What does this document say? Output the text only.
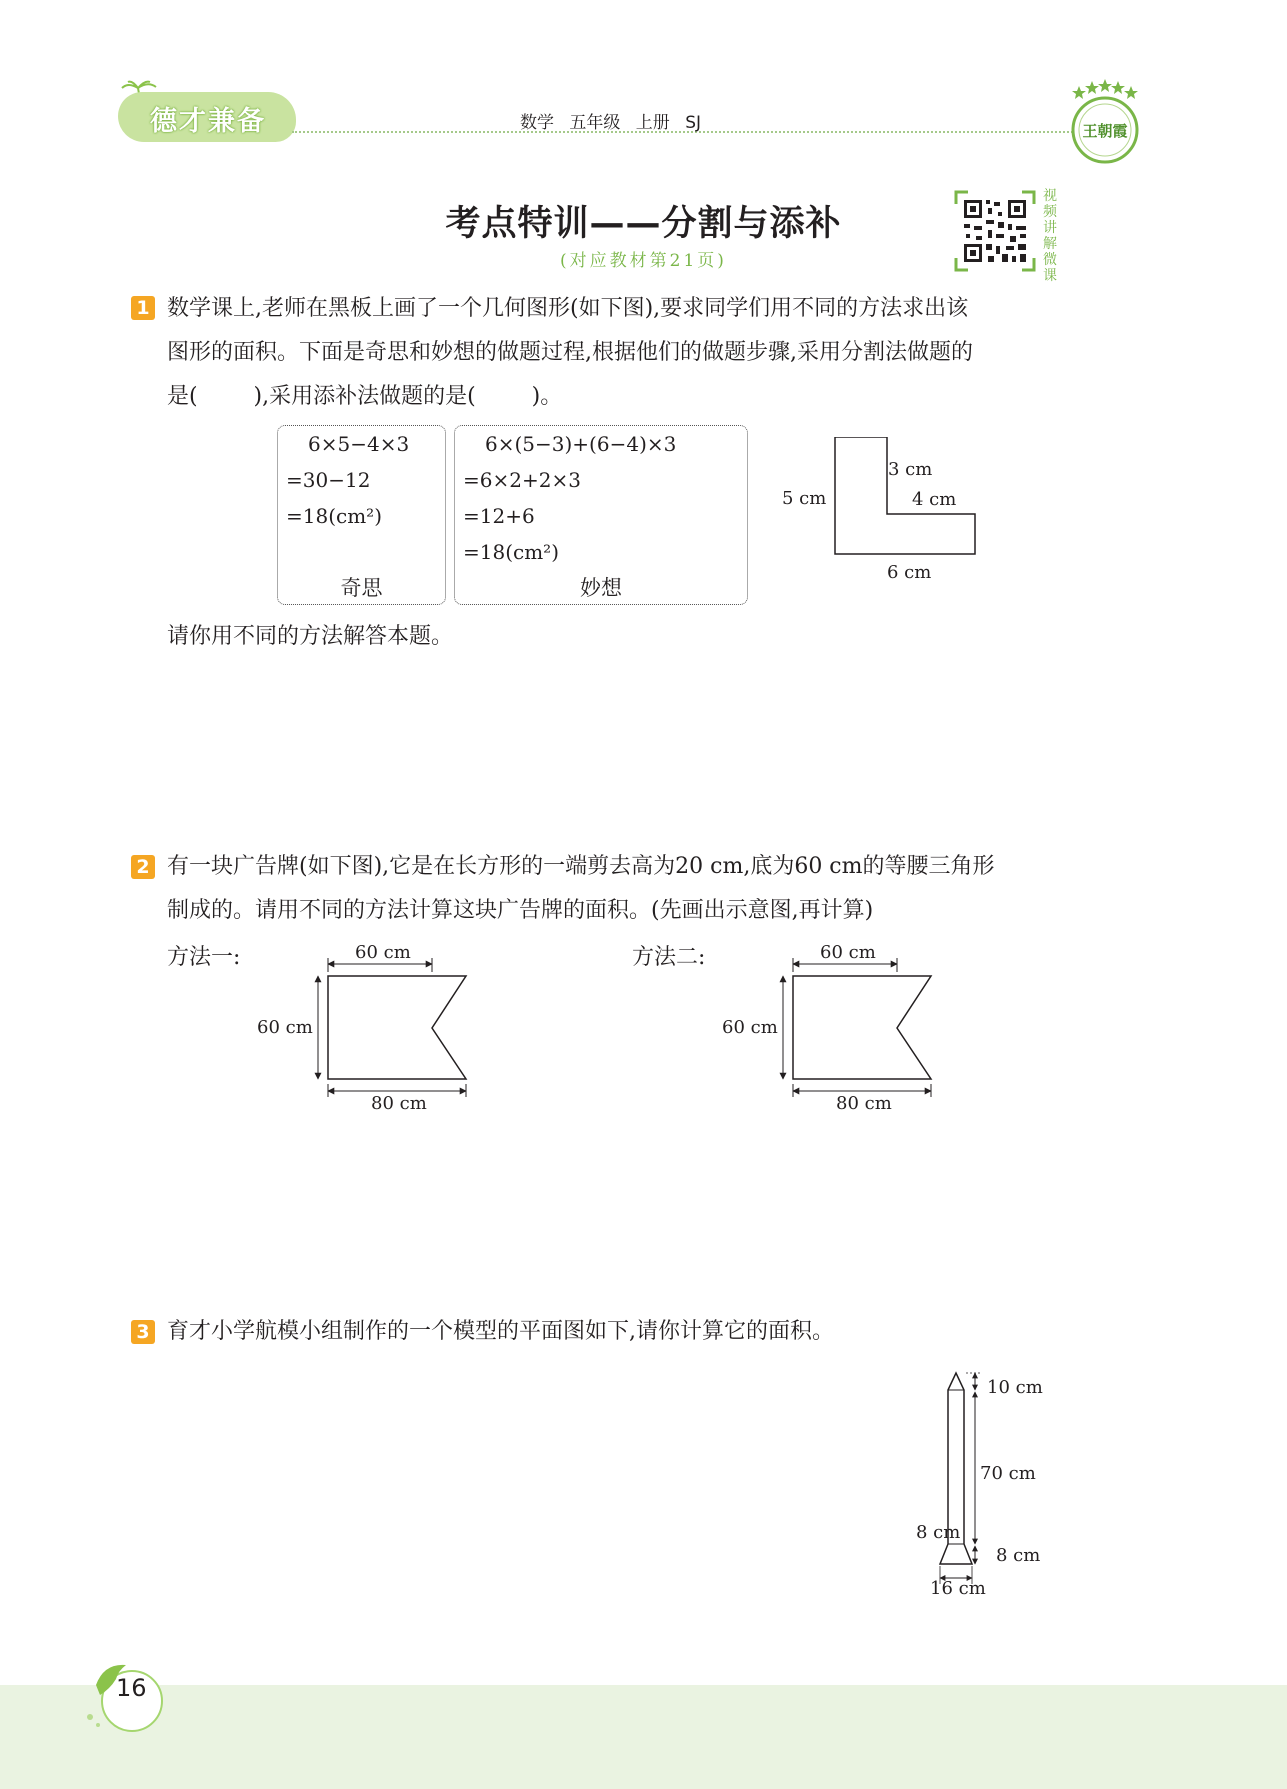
德才兼备	数学 五年级 上册 SJ	王朝霞
考点特训——分割与添补
(对应教材第21页)
视频讲解微课
1 数学课上,老师在黑板上画了一个几何图形(如下图),要求同学们用不同的方法求出该
图形的面积。下面是奇思和妙想的做题过程,根据他们的做题步骤,采用分割法做题的
是(        ),采用添补法做题的是(        )。
6×5−4×3
=30−12
=18(cm²)
奇思
6×(5−3)+(6−4)×3
=6×2+2×3
=12+6
=18(cm²)
妙想
5 cm
3 cm
4 cm
6 cm
请你用不同的方法解答本题。
2 有一块广告牌(如下图),它是在长方形的一端剪去高为20 cm,底为60 cm的等腰三角形
制成的。请用不同的方法计算这块广告牌的面积。(先画出示意图,再计算)
方法一:	方法二:
60 cm
60 cm
80 cm
60 cm
60 cm
80 cm
3 育才小学航模小组制作的一个模型的平面图如下,请你计算它的面积。
10 cm
70 cm
8 cm
8 cm
16 cm
16
